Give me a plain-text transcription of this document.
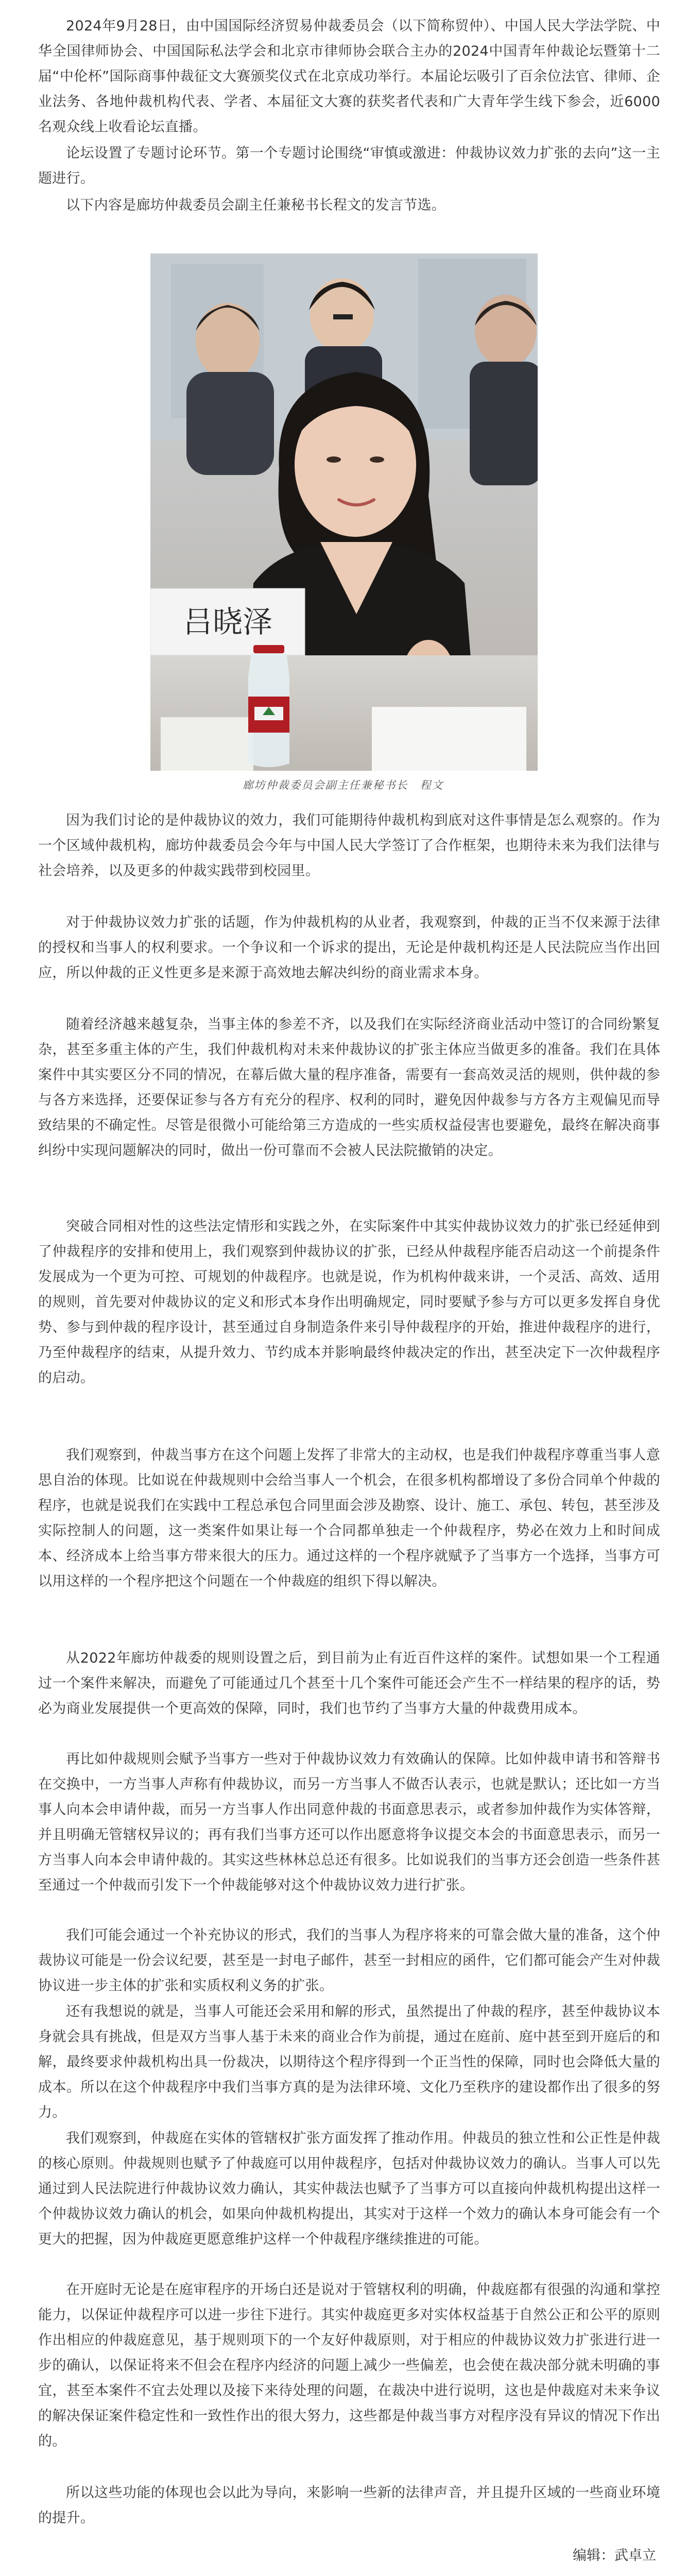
2024年9月28日，由中国国际经济贸易仲裁委员会（以下简称贸仲）、中国人民大学法学院、中华全国律师协会、中国国际私法学会和北京市律师协会联合主办的2024中国青年仲裁论坛暨第十二届“中伦杯”国际商事仲裁征文大赛颁奖仪式在北京成功举行。本届论坛吸引了百余位法官、律师、企业法务、各地仲裁机构代表、学者、本届征文大赛的获奖者代表和广大青年学生线下参会，近6000名观众线上收看论坛直播。

论坛设置了专题讨论环节。第一个专题讨论围绕“审慎或激进：仲裁协议效力扩张的去向”这一主题进行。

以下内容是廊坊仲裁委员会副主任兼秘书长程文的发言节选。

吕晓泽
廊坊仲裁委员会副主任兼秘书长　程文

因为我们讨论的是仲裁协议的效力，我们可能期待仲裁机构到底对这件事情是怎么观察的。作为一个区域仲裁机构，廊坊仲裁委员会今年与中国人民大学签订了合作框架，也期待未来为我们法律与社会培养，以及更多的仲裁实践带到校园里。

对于仲裁协议效力扩张的话题，作为仲裁机构的从业者，我观察到，仲裁的正当不仅来源于法律的授权和当事人的权利要求。一个争议和一个诉求的提出，无论是仲裁机构还是人民法院应当作出回应，所以仲裁的正义性更多是来源于高效地去解决纠纷的商业需求本身。

随着经济越来越复杂，当事主体的参差不齐，以及我们在实际经济商业活动中签订的合同纷繁复杂，甚至多重主体的产生，我们仲裁机构对未来仲裁协议的扩张主体应当做更多的准备。我们在具体案件中其实要区分不同的情况，在幕后做大量的程序准备，需要有一套高效灵活的规则，供仲裁的参与各方来选择，还要保证参与各方有充分的程序、权利的同时，避免因仲裁参与方各方主观偏见而导致结果的不确定性。尽管是很微小可能给第三方造成的一些实质权益侵害也要避免，最终在解决商事纠纷中实现问题解决的同时，做出一份可靠而不会被人民法院撤销的决定。

突破合同相对性的这些法定情形和实践之外，在实际案件中其实仲裁协议效力的扩张已经延伸到了仲裁程序的安排和使用上，我们观察到仲裁协议的扩张，已经从仲裁程序能否启动这一个前提条件发展成为一个更为可控、可规划的仲裁程序。也就是说，作为机构仲裁来讲，一个灵活、高效、适用的规则，首先要对仲裁协议的定义和形式本身作出明确规定，同时要赋予参与方可以更多发挥自身优势、参与到仲裁的程序设计，甚至通过自身制造条件来引导仲裁程序的开始，推进仲裁程序的进行，乃至仲裁程序的结束，从提升效力、节约成本并影响最终仲裁决定的作出，甚至决定下一次仲裁程序的启动。

我们观察到，仲裁当事方在这个问题上发挥了非常大的主动权，也是我们仲裁程序尊重当事人意思自治的体现。比如说在仲裁规则中会给当事人一个机会，在很多机构都增设了多份合同单个仲裁的程序，也就是说我们在实践中工程总承包合同里面会涉及勘察、设计、施工、承包、转包，甚至涉及实际控制人的问题，这一类案件如果让每一个合同都单独走一个仲裁程序，势必在效力上和时间成本、经济成本上给当事方带来很大的压力。通过这样的一个程序就赋予了当事方一个选择，当事方可以用这样的一个程序把这个问题在一个仲裁庭的组织下得以解决。

从2022年廊坊仲裁委的规则设置之后，到目前为止有近百件这样的案件。试想如果一个工程通过一个案件来解决，而避免了可能通过几个甚至十几个案件可能还会产生不一样结果的程序的话，势必为商业发展提供一个更高效的保障，同时，我们也节约了当事方大量的仲裁费用成本。

再比如仲裁规则会赋予当事方一些对于仲裁协议效力有效确认的保障。比如仲裁申请书和答辩书在交换中，一方当事人声称有仲裁协议，而另一方当事人不做否认表示，也就是默认；还比如一方当事人向本会申请仲裁，而另一方当事人作出同意仲裁的书面意思表示，或者参加仲裁作为实体答辩，并且明确无管辖权异议的；再有我们当事方还可以作出愿意将争议提交本会的书面意思表示，而另一方当事人向本会申请仲裁的。其实这些林林总总还有很多。比如说我们的当事方还会创造一些条件甚至通过一个仲裁而引发下一个仲裁能够对这个仲裁协议效力进行扩张。

我们可能会通过一个补充协议的形式，我们的当事人为程序将来的可靠会做大量的准备，这个仲裁协议可能是一份会议纪要，甚至是一封电子邮件，甚至一封相应的函件，它们都可能会产生对仲裁协议进一步主体的扩张和实质权利义务的扩张。

还有我想说的就是，当事人可能还会采用和解的形式，虽然提出了仲裁的程序，甚至仲裁协议本身就会具有挑战，但是双方当事人基于未来的商业合作为前提，通过在庭前、庭中甚至到开庭后的和解，最终要求仲裁机构出具一份裁决，以期待这个程序得到一个正当性的保障，同时也会降低大量的成本。所以在这个仲裁程序中我们当事方真的是为法律环境、文化乃至秩序的建设都作出了很多的努力。

我们观察到，仲裁庭在实体的管辖权扩张方面发挥了推动作用。仲裁员的独立性和公正性是仲裁的核心原则。仲裁规则也赋予了仲裁庭可以用仲裁程序，包括对仲裁协议效力的确认。当事人可以先通过到人民法院进行仲裁协议效力确认，其实仲裁法也赋予了当事方可以直接向仲裁机构提出这样一个仲裁协议效力确认的机会，如果向仲裁机构提出，其实对于这样一个效力的确认本身可能会有一个更大的把握，因为仲裁庭更愿意维护这样一个仲裁程序继续推进的可能。

在开庭时无论是在庭审程序的开场白还是说对于管辖权利的明确，仲裁庭都有很强的沟通和掌控能力，以保证仲裁程序可以进一步往下进行。其实仲裁庭更多对实体权益基于自然公正和公平的原则作出相应的仲裁庭意见，基于规则项下的一个友好仲裁原则，对于相应的仲裁协议效力扩张进行进一步的确认，以保证将来不但会在程序内经济的问题上减少一些偏差，也会使在裁决部分就未明确的事宜，甚至本案件不宜去处理以及接下来待处理的问题，在裁决中进行说明，这也是仲裁庭对未来争议的解决保证案件稳定性和一致性作出的很大努力，这些都是仲裁当事方对程序没有异议的情况下作出的。

所以这些功能的体现也会以此为导向，来影响一些新的法律声音，并且提升区域的一些商业环境的提升。

编辑：武卓立
